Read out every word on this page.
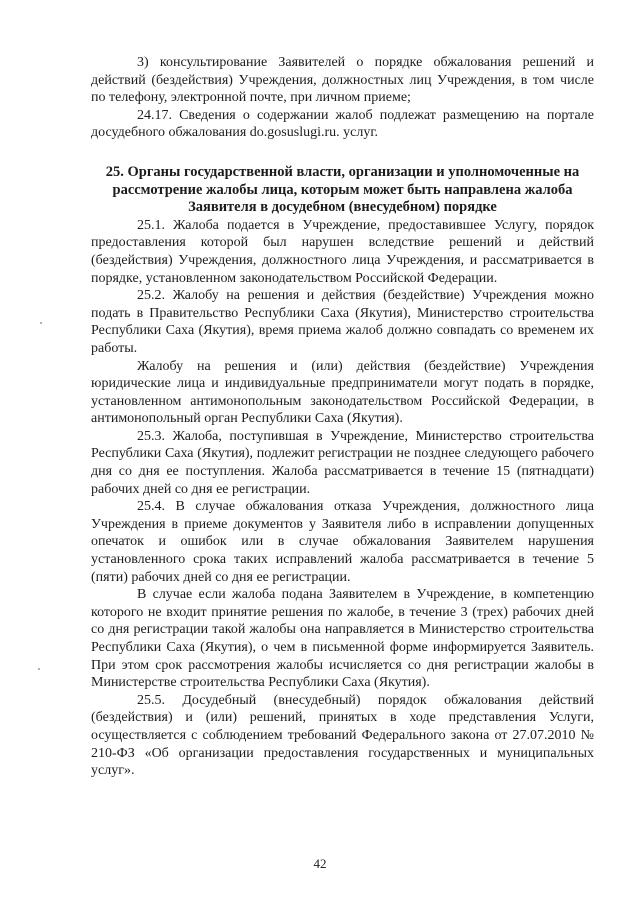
3) консультирование Заявителей о порядке обжалования решений и действий (бездействия) Учреждения, должностных лиц Учреждения, в том числе по телефону, электронной почте, при личном приеме;

24.17. Сведения о содержании жалоб подлежат размещению на портале досудебного обжалования do.gosuslugi.ru. услуг.

25. Органы государственной власти, организации и уполномоченные на рассмотрение жалобы лица, которым может быть направлена жалоба Заявителя в досудебном (внесудебном) порядке

25.1. Жалоба подается в Учреждение, предоставившее Услугу, порядок предоставления которой был нарушен вследствие решений и действий (бездействия) Учреждения, должностного лица Учреждения, и рассматривается в порядке, установленном законодательством Российской Федерации.

25.2. Жалобу на решения и действия (бездействие) Учреждения можно подать в Правительство Республики Саха (Якутия), Министерство строительства Республики Саха (Якутия), время приема жалоб должно совпадать со временем их работы.

Жалобу на решения и (или) действия (бездействие) Учреждения юридические лица и индивидуальные предприниматели могут подать в порядке, установленном антимонопольным законодательством Российской Федерации, в антимонопольный орган Республики Саха (Якутия).

25.3. Жалоба, поступившая в Учреждение, Министерство строительства Республики Саха (Якутия), подлежит регистрации не позднее следующего рабочего дня со дня ее поступления. Жалоба рассматривается в течение 15 (пятнадцати) рабочих дней со дня ее регистрации.

25.4. В случае обжалования отказа Учреждения, должностного лица Учреждения в приеме документов у Заявителя либо в исправлении допущенных опечаток и ошибок или в случае обжалования Заявителем нарушения установленного срока таких исправлений жалоба рассматривается в течение 5 (пяти) рабочих дней со дня ее регистрации.

В случае если жалоба подана Заявителем в Учреждение, в компетенцию которого не входит принятие решения по жалобе, в течение 3 (трех) рабочих дней со дня регистрации такой жалобы она направляется в Министерство строительства Республики Саха (Якутия), о чем в письменной форме информируется Заявитель. При этом срок рассмотрения жалобы исчисляется со дня регистрации жалобы в Министерстве строительства Республики Саха (Якутия).

25.5. Досудебный (внесудебный) порядок обжалования действий (бездействия) и (или) решений, принятых в ходе представления Услуги, осуществляется с соблюдением требований Федерального закона от 27.07.2010 № 210-ФЗ «Об организации предоставления государственных и муниципальных услуг».

42
